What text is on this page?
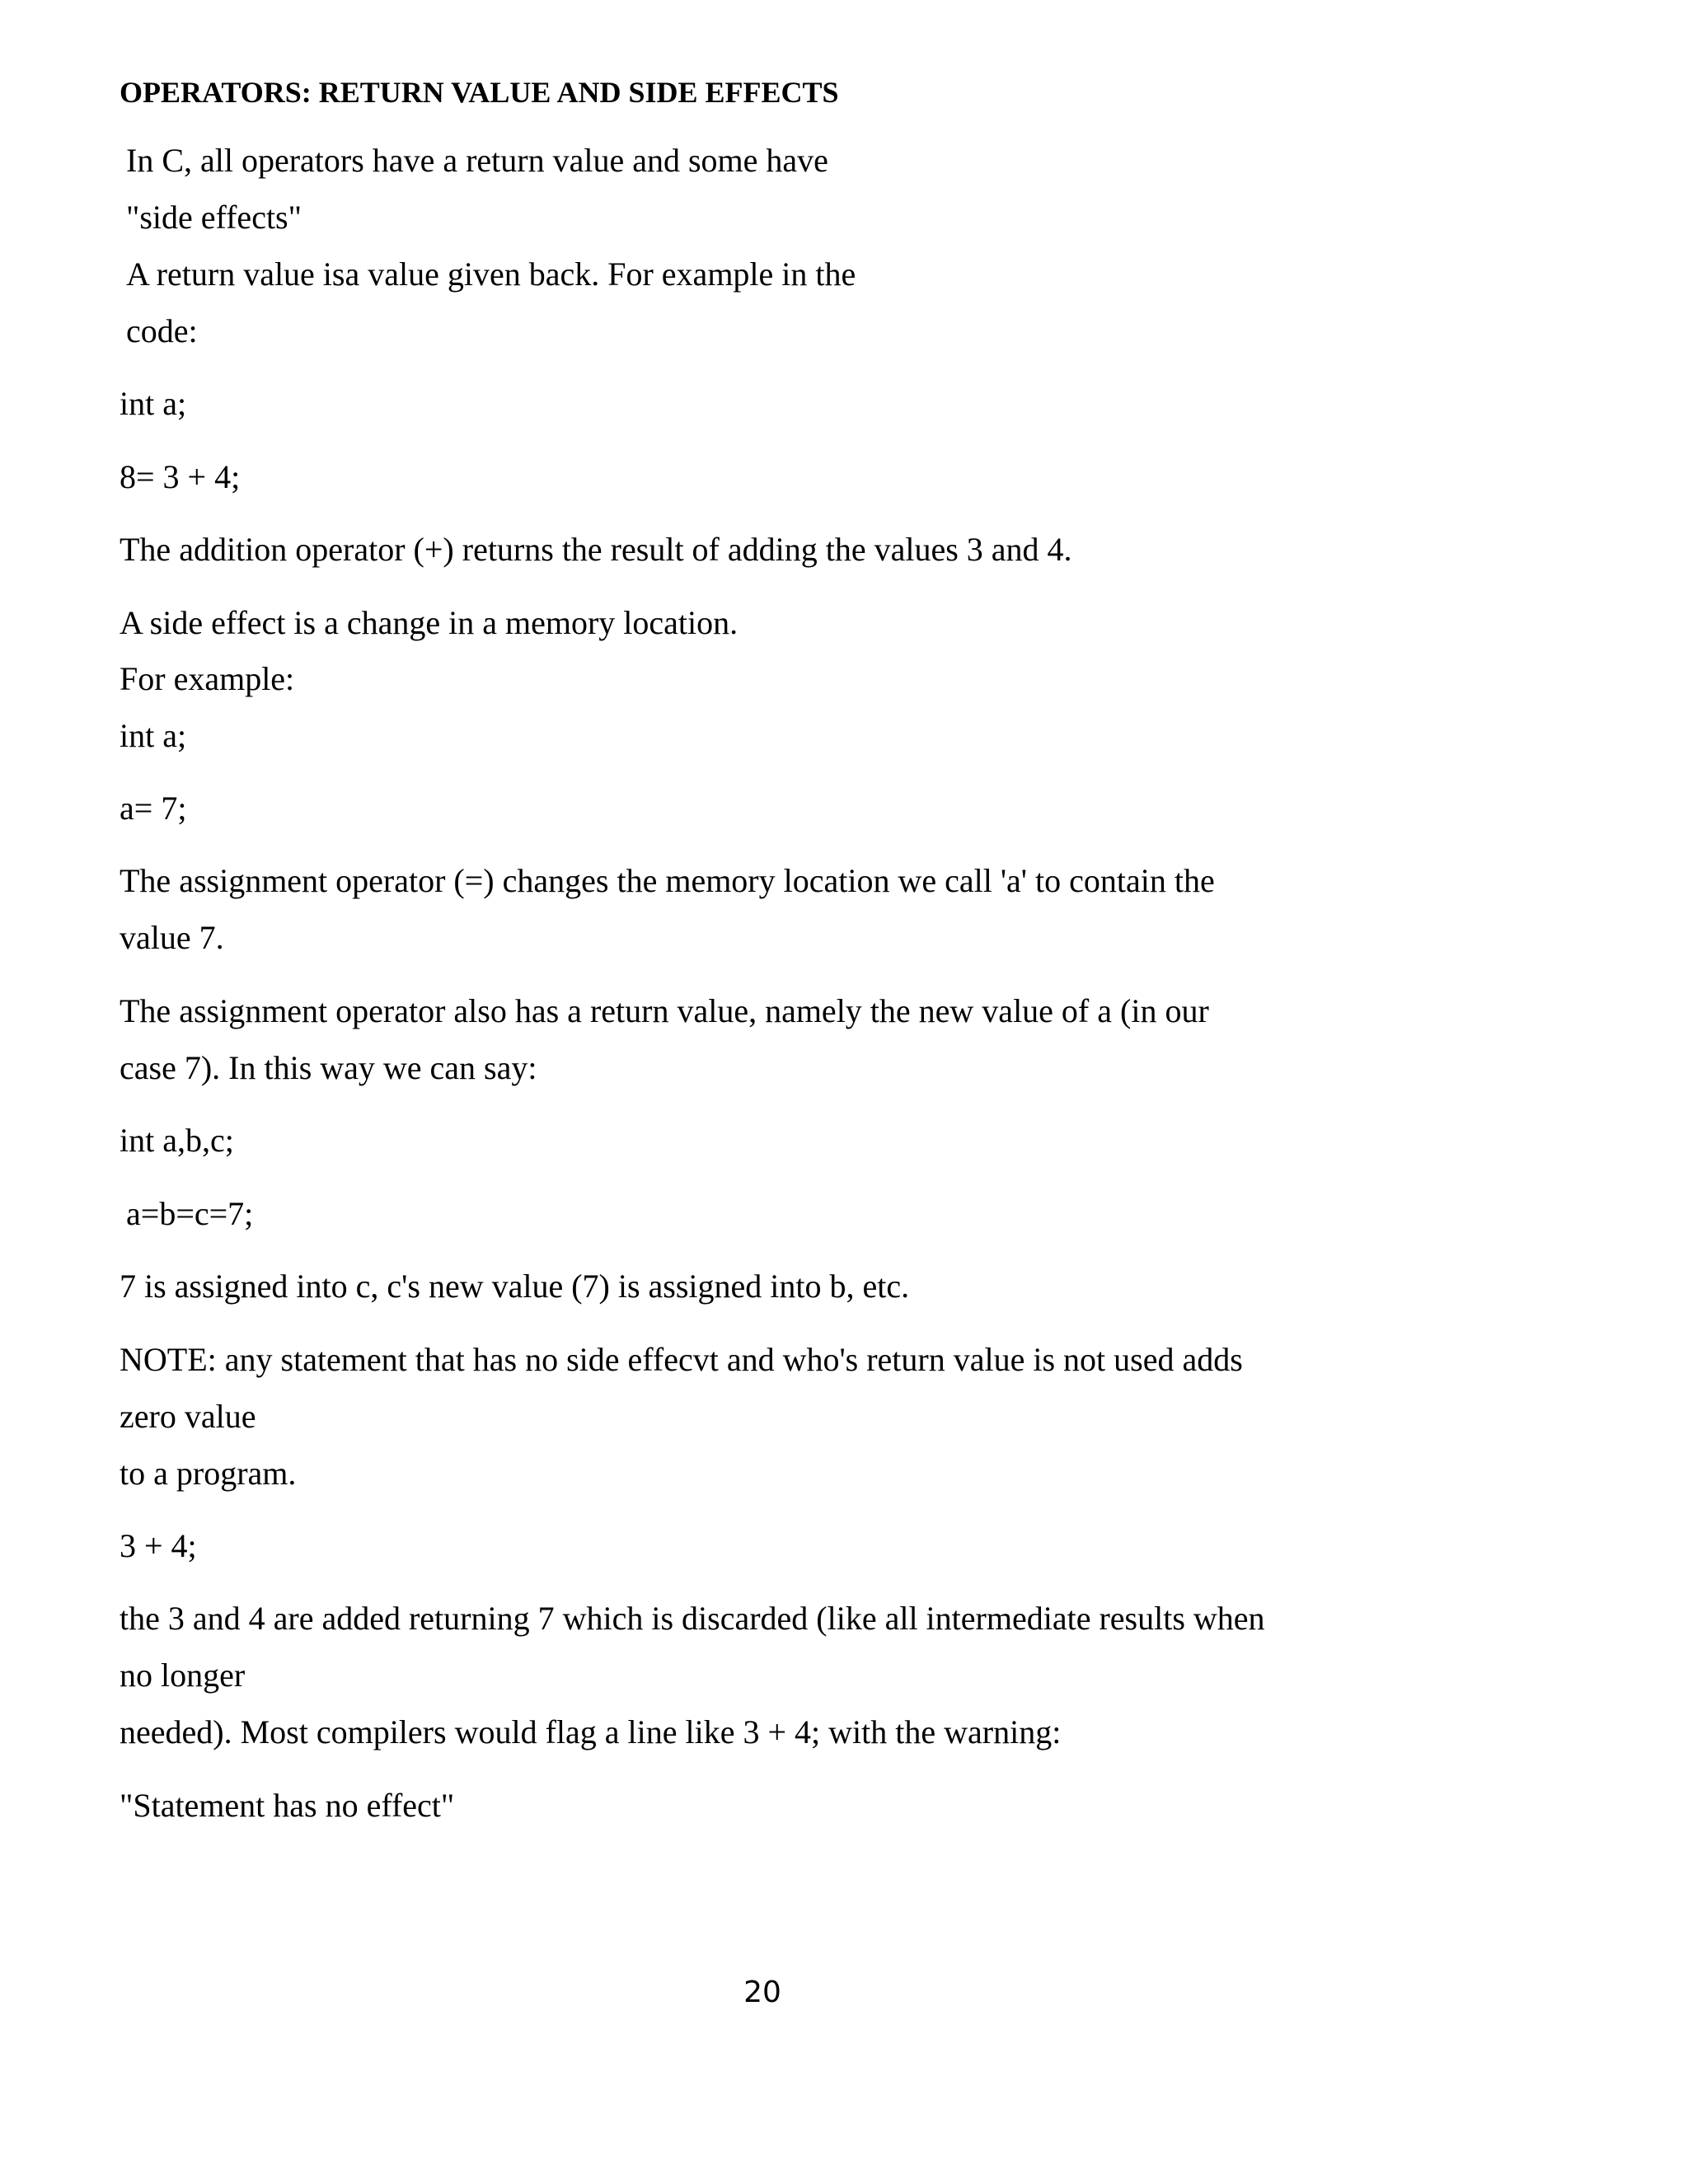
OPERATORS: RETURN VALUE AND SIDE EFFECTS
In C, all operators have a return value and some have
"side effects"
A return value isa value given back. For example in the
code:
int a;
8= 3 + 4;
The addition operator (+) returns the result of adding the values 3 and 4.
A side effect is a change in a memory location.
For example:
int a;
a= 7;
The assignment operator (=) changes the memory location we call 'a' to contain the
value 7.
The assignment operator also has a return value, namely the new value of a (in our
case 7). In this way we can say:
int a,b,c;
a=b=c=7;
7 is assigned into c, c's new value (7) is assigned into b, etc.
NOTE: any statement that has no side effecvt and who's return value is not used adds
zero value
to a program.
3 + 4;
the 3 and 4 are added returning 7 which is discarded (like all intermediate results when
no longer
needed). Most compilers would flag a line like 3 + 4; with the warning:
"Statement has no effect"
20
